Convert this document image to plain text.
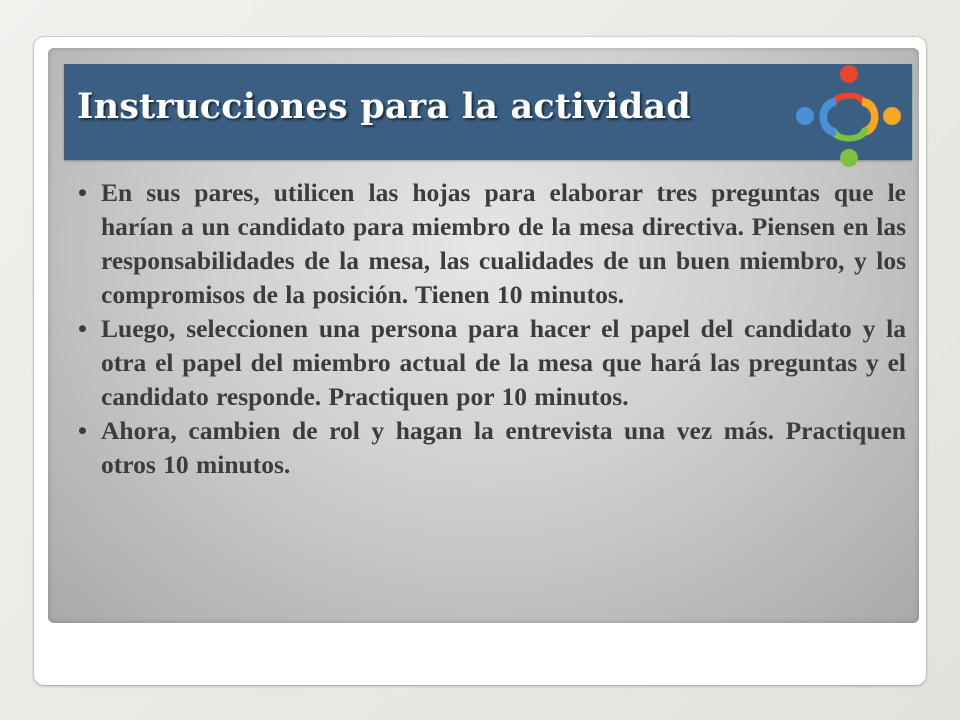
Instrucciones para la actividad
• En sus pares, utilicen las hojas para elaborar tres preguntas que le harían a un candidato para miembro de la mesa directiva. Piensen en las responsabilidades de la mesa, las cualidades de un buen miembro, y los compromisos de la posición. Tienen 10 minutos.
• Luego, seleccionen una persona para hacer el papel del candidato y la otra el papel del miembro actual de la mesa que hará las preguntas y el candidato responde. Practiquen por 10 minutos.
• Ahora, cambien de rol y hagan la entrevista una vez más. Practiquen otros 10 minutos.
